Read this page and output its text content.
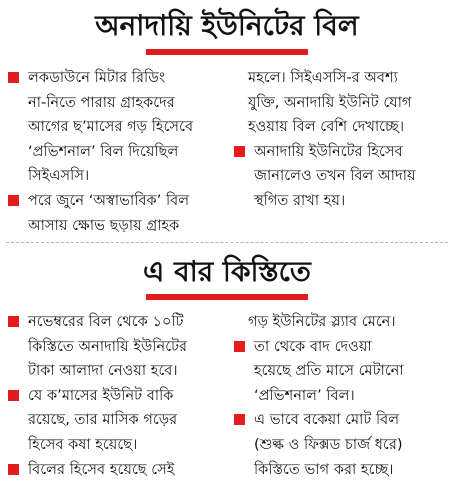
অনাদায়ি ইউনিটের বিল
লকডাউনে মিটার রিডিং
না-নিতে পারায় গ্রাহকদের
আগের ছ’মাসের গড় হিসেবে
‘প্রভিশনাল’ বিল দিয়েছিল
সিইএসসি।
পরে জুনে ‘অস্বাভাবিক’ বিল
আসায় ক্ষোভ ছড়ায় গ্রাহক
মহলে। সিইএসসি-র অবশ্য
যুক্তি, অনাদায়ি ইউনিট যোগ
হওয়ায় বিল বেশি দেখাচ্ছে।
অনাদায়ি ইউনিটের হিসেব
জানালেও তখন বিল আদায়
স্থগিত রাখা হয়।
এ বার কিস্তিতে
নভেম্বরের বিল থেকে ১০টি
কিস্তিতে অনাদায়ি ইউনিটের
টাকা আলাদা নেওয়া হবে।
যে ক’মাসের ইউনিট বাকি
রয়েছে, তার মাসিক গড়ের
হিসেব কষা হয়েছে।
বিলের হিসেব হয়েছে সেই
গড় ইউনিটের স্ল্যাব মেনে।
তা থেকে বাদ দেওয়া
হয়েছে প্রতি মাসে মেটানো
‘প্রভিশনাল’ বিল।
এ ভাবে বকেয়া মোট বিল
(শুল্ক ও ফিক্সড চার্জ ধরে)
কিস্তিতে ভাগ করা হচ্ছে।
